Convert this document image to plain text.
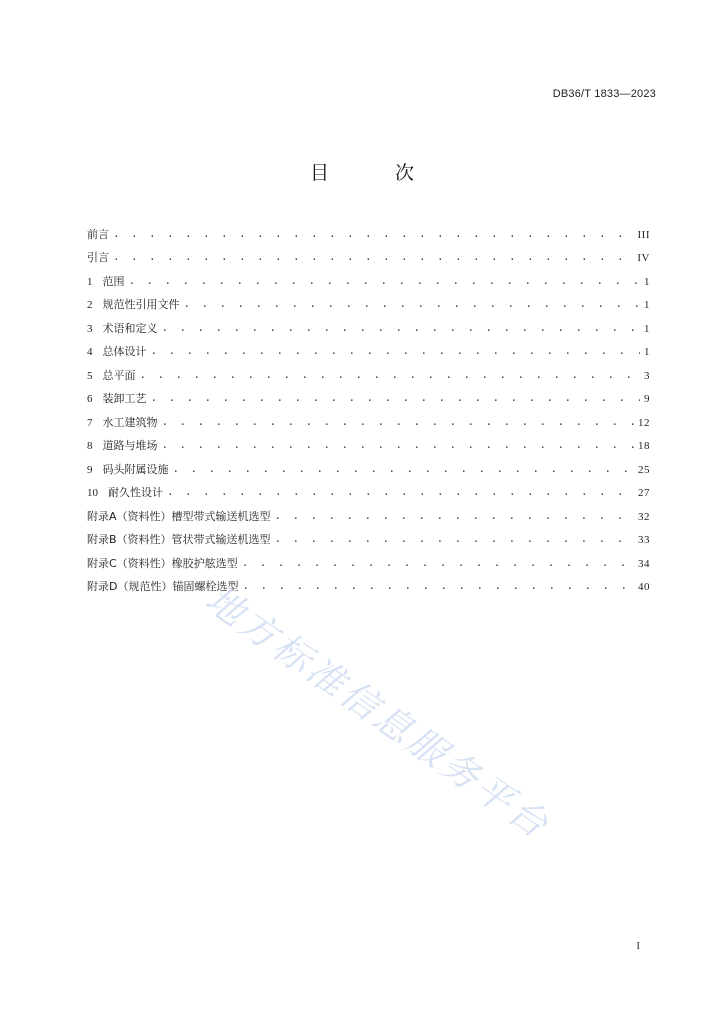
DB36/T 1833—2023
目 次
前言 . . .	III
引言 . . .	IV
1 范围 . . .	1
2 规范性引用文件 . . .	1
3 术语和定义 . . .	1
4 总体设计 . . .	1
5 总平面 . . .	3
6 装卸工艺 . . .	9
7 水工建筑物 . . .	12
8 道路与堆场 . . .	18
9 码头附属设施 . . .	25
10 耐久性设计 . . .	27
附录A（资料性）槽型带式输送机选型 . . .	32
附录B（资料性）管状带式输送机选型 . . .	33
附录C（资料性）橡胶护舷选型 . . .	34
附录D（规范性）锚固螺栓选型 . . .	40
地方标准信息服务平台
I
